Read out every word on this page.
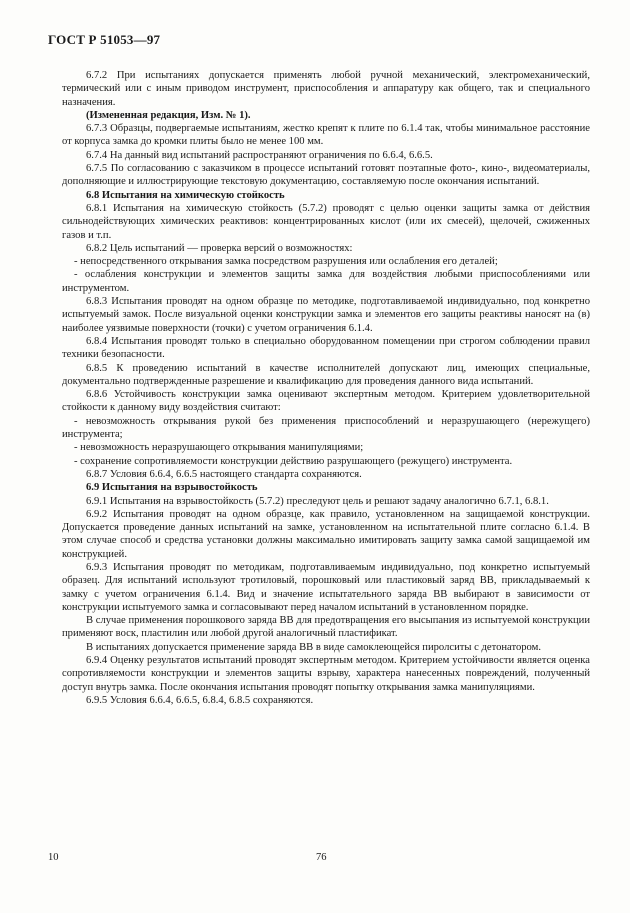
ГОСТ Р 51053—97

6.7.2 При испытаниях допускается применять любой ручной механический, электромеханический, термический или с иным приводом инструмент, приспособления и аппаратуру как общего, так и специального назначения.

(Измененная редакция, Изм. № 1).

6.7.3 Образцы, подвергаемые испытаниям, жестко крепят к плите по 6.1.4 так, чтобы минимальное расстояние от корпуса замка до кромки плиты было не менее 100 мм.

6.7.4 На данный вид испытаний распространяют ограничения по 6.6.4, 6.6.5.

6.7.5 По согласованию с заказчиком в процессе испытаний готовят поэтапные фото-, кино-, видеоматериалы, дополняющие и иллюстрирующие текстовую документацию, составляемую после окончания испытаний.

6.8 Испытания на химическую стойкость

6.8.1 Испытания на химическую стойкость (5.7.2) проводят с целью оценки защиты замка от действия сильнодействующих химических реактивов: концентрированных кислот (или их смесей), щелочей, сжиженных газов и т.п.

6.8.2 Цель испытаний — проверка версий о возможностях:

- непосредственного открывания замка посредством разрушения или ослабления его деталей;

- ослабления конструкции и элементов защиты замка для воздействия любыми приспособлениями или инструментом.

6.8.3 Испытания проводят на одном образце по методике, подготавливаемой индивидуально, под конкретно испытуемый замок. После визуальной оценки конструкции замка и элементов его защиты реактивы наносят на (в) наиболее уязвимые поверхности (точки) с учетом ограничения 6.1.4.

6.8.4 Испытания проводят только в специально оборудованном помещении при строгом соблюдении правил техники безопасности.

6.8.5 К проведению испытаний в качестве исполнителей допускают лиц, имеющих специальные, документально подтвержденные разрешение и квалификацию для проведения данного вида испытаний.

6.8.6 Устойчивость конструкции замка оценивают экспертным методом. Критерием удовлетворительной стойкости к данному виду воздействия считают:

- невозможность открывания рукой без применения приспособлений и неразрушающего (нережущего) инструмента;

- невозможность неразрушающего открывания манипуляциями;

- сохранение сопротивляемости конструкции действию разрушающего (режущего) инструмента.

6.8.7 Условия 6.6.4, 6.6.5 настоящего стандарта сохраняются.

6.9 Испытания на взрывостойкость

6.9.1 Испытания на взрывостойкость (5.7.2) преследуют цель и решают задачу аналогично 6.7.1, 6.8.1.

6.9.2 Испытания проводят на одном образце, как правило, установленном на защищаемой конструкции. Допускается проведение данных испытаний на замке, установленном на испытательной плите согласно 6.1.4. В этом случае способ и средства установки должны максимально имитировать защиту замка самой защищаемой им конструкцией.

6.9.3 Испытания проводят по методикам, подготавливаемым индивидуально, под конкретно испытуемый образец. Для испытаний используют тротиловый, порошковый или пластиковый заряд ВВ, прикладываемый к замку с учетом ограничения 6.1.4. Вид и значение испытательного заряда ВВ выбирают в зависимости от конструкции испытуемого замка и согласовывают перед началом испытаний в установленном порядке.

В случае применения порошкового заряда ВВ для предотвращения его высыпания из испытуемой конструкции применяют воск, пластилин или любой другой аналогичный пластификат.

В испытаниях допускается применение заряда ВВ в виде самоклеющейся пиролситы с детонатором.

6.9.4 Оценку результатов испытаний проводят экспертным методом. Критерием устойчивости является оценка сопротивляемости конструкции и элементов защиты взрыву, характера нанесенных повреждений, полученный доступ внутрь замка. После окончания испытания проводят попытку открывания замка манипуляциями.

6.9.5 Условия 6.6.4, 6.6.5, 6.8.4, 6.8.5 сохраняются.

10	76
